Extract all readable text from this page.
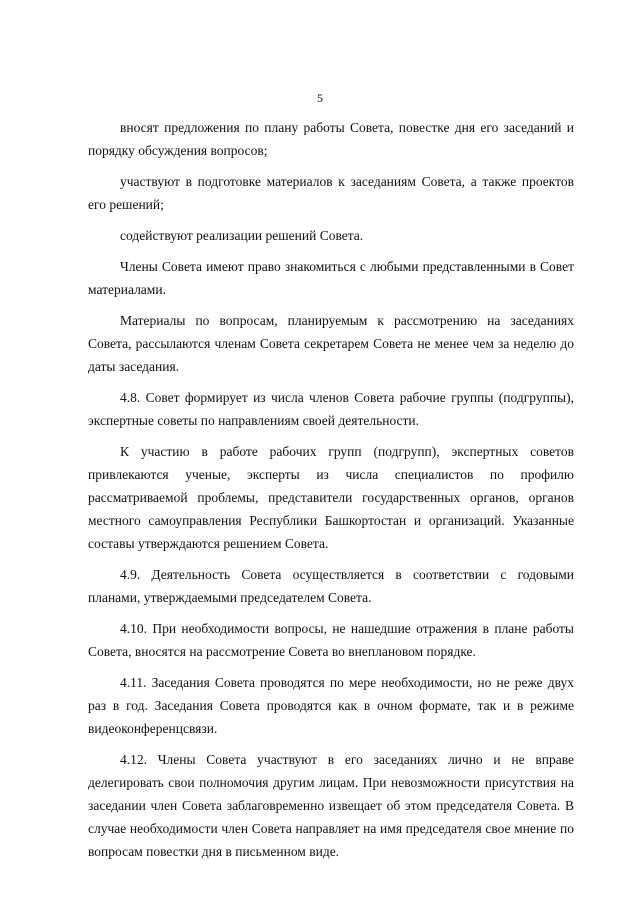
5

вносят предложения по плану работы Совета, повестке дня его заседаний и порядку обсуждения вопросов;

участвуют в подготовке материалов к заседаниям Совета, а также проектов его решений;

содействуют реализации решений Совета.

Члены Совета имеют право знакомиться с любыми представленными в Совет материалами.

Материалы по вопросам, планируемым к рассмотрению на заседаниях Совета, рассылаются членам Совета секретарем Совета не менее чем за неделю до даты заседания.

4.8. Совет формирует из числа членов Совета рабочие группы (подгруппы), экспертные советы по направлениям своей деятельности.

К участию в работе рабочих групп (подгрупп), экспертных советов привлекаются ученые, эксперты из числа специалистов по профилю рассматриваемой проблемы, представители государственных органов, органов местного самоуправления Республики Башкортостан и организаций. Указанные составы утверждаются решением Совета.

4.9. Деятельность Совета осуществляется в соответствии с годовыми планами, утверждаемыми председателем Совета.

4.10. При необходимости вопросы, не нашедшие отражения в плане работы Совета, вносятся на рассмотрение Совета во внеплановом порядке.

4.11. Заседания Совета проводятся по мере необходимости, но не реже двух раз в год. Заседания Совета проводятся как в очном формате, так и в режиме видеоконференцсвязи.

4.12. Члены Совета участвуют в его заседаниях лично и не вправе делегировать свои полномочия другим лицам. При невозможности присутствия на заседании член Совета заблаговременно извещает об этом председателя Совета. В случае необходимости член Совета направляет на имя председателя свое мнение по вопросам повестки дня в письменном виде.
